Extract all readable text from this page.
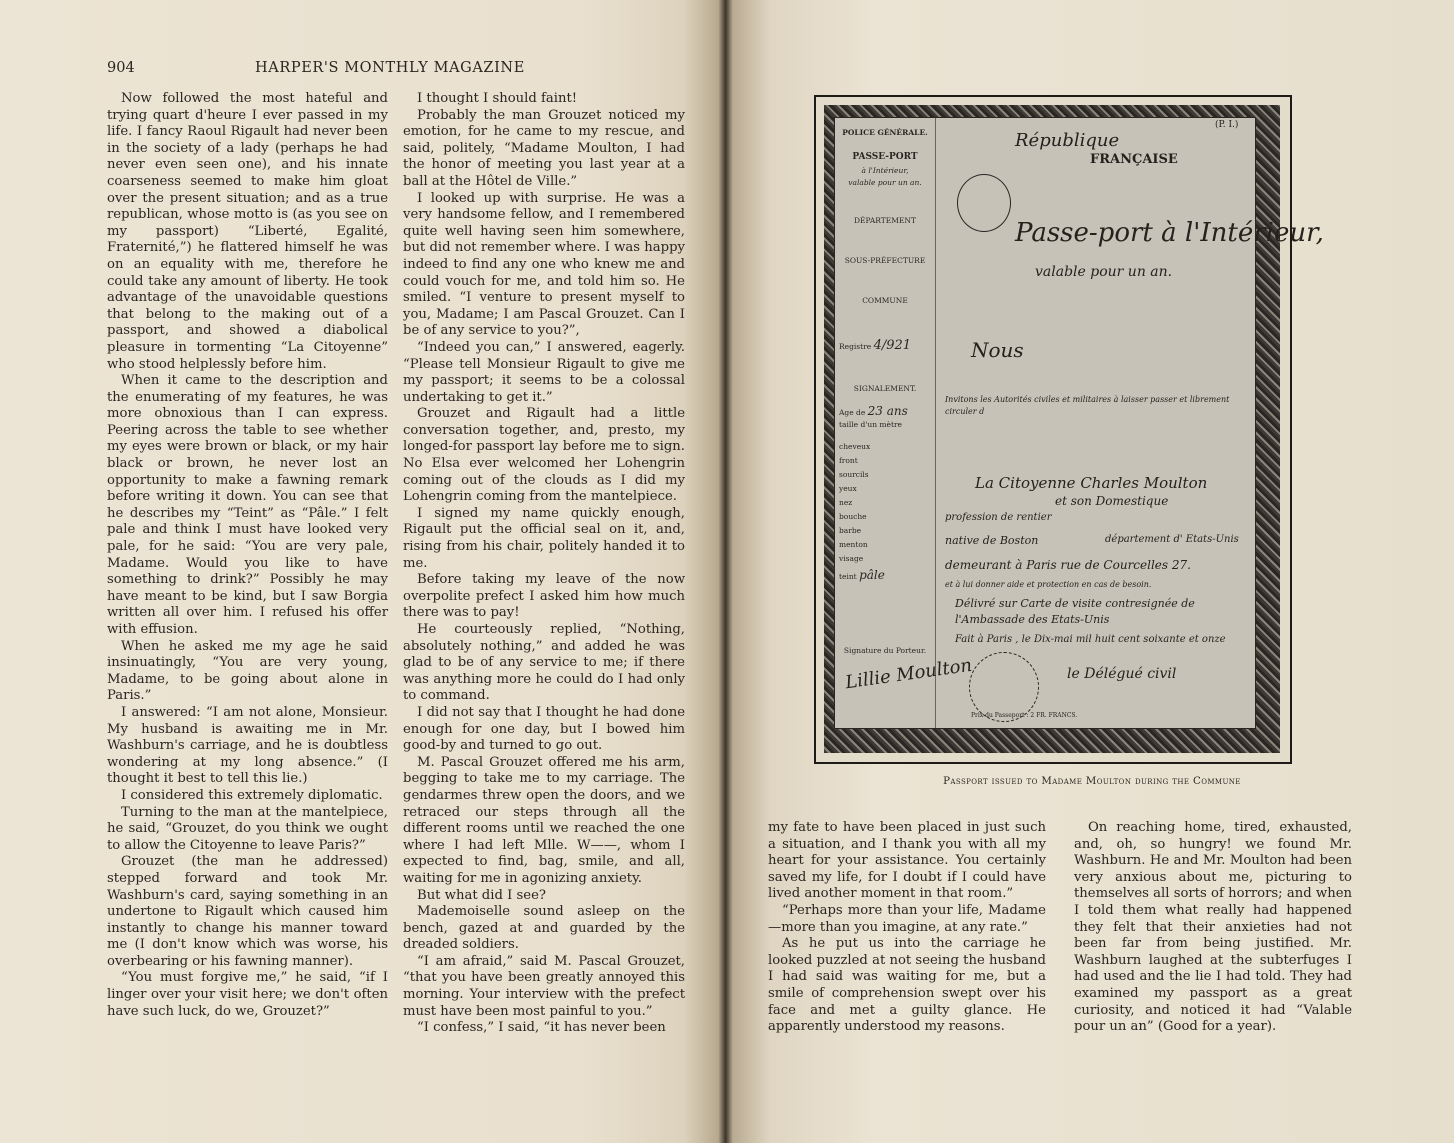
904	HARPER'S MONTHLY MAGAZINE

Now followed the most hateful and trying quart d'heure I ever passed in my life. I fancy Raoul Rigault had never been in the society of a lady (perhaps he had never even seen one), and his innate coarseness seemed to make him gloat over the present situation; and as a true republican, whose motto is (as you see on my passport) “Liberté, Egalité, Fraternité,”) he flattered himself he was on an equality with me, therefore he could take any amount of liberty. He took advantage of the unavoidable questions that belong to the making out of a passport, and showed a diabolical pleasure in tormenting “La Citoyenne” who stood helplessly before him.

When it came to the description and the enumerating of my features, he was more obnoxious than I can express. Peering across the table to see whether my eyes were brown or black, or my hair black or brown, he never lost an opportunity to make a fawning remark before writing it down. You can see that he describes my “Teint” as “Pâle.” I felt pale and think I must have looked very pale, for he said: “You are very pale, Madame. Would you like to have something to drink?” Possibly he may have meant to be kind, but I saw Borgia written all over him. I refused his offer with effusion.

When he asked me my age he said insinuatingly, “You are very young, Madame, to be going about alone in Paris.”

I answered: “I am not alone, Monsieur. My husband is awaiting me in Mr. Washburn's carriage, and he is doubtless wondering at my long absence.” (I thought it best to tell this lie.)

I considered this extremely diplomatic.

Turning to the man at the mantelpiece, he said, “Grouzet, do you think we ought to allow the Citoyenne to leave Paris?”

Grouzet (the man he addressed) stepped forward and took Mr. Washburn's card, saying something in an undertone to Rigault which caused him instantly to change his manner toward me (I don't know which was worse, his overbearing or his fawning manner).

“You must forgive me,” he said, “if I linger over your visit here; we don't often have such luck, do we, Grouzet?”

I thought I should faint!

Probably the man Grouzet noticed my emotion, for he came to my rescue, and said, politely, “Madame Moulton, I had the honor of meeting you last year at a ball at the Hôtel de Ville.”

I looked up with surprise. He was a very handsome fellow, and I remembered quite well having seen him somewhere, but did not remember where. I was happy indeed to find any one who knew me and could vouch for me, and told him so. He smiled. “I venture to present myself to you, Madame; I am Pascal Grouzet. Can I be of any service to you?”,

“Indeed you can,” I answered, eagerly. “Please tell Monsieur Rigault to give me my passport; it seems to be a colossal undertaking to get it.”

Grouzet and Rigault had a little conversation together, and, presto, my longed-for passport lay before me to sign. No Elsa ever welcomed her Lohengrin coming out of the clouds as I did my Lohengrin coming from the mantelpiece.

I signed my name quickly enough, Rigault put the official seal on it, and, rising from his chair, politely handed it to me.

Before taking my leave of the now overpolite prefect I asked him how much there was to pay!

He courteously replied, “Nothing, absolutely nothing,” and added he was glad to be of any service to me; if there was anything more he could do I had only to command.

I did not say that I thought he had done enough for one day, but I bowed him good-by and turned to go out.

M. Pascal Grouzet offered me his arm, begging to take me to my carriage. The gendarmes threw open the doors, and we retraced our steps through all the different rooms until we reached the one where I had left Mlle. W——, whom I expected to find, bag, smile, and all, waiting for me in agonizing anxiety.

But what did I see?

Mademoiselle sound asleep on the bench, gazed at and guarded by the dreaded soldiers.

“I am afraid,” said M. Pascal Grouzet, “that you have been greatly annoyed this morning. Your interview with the prefect must have been most painful to you.”

“I confess,” I said, “it has never been

POLICE GÉNÉRALE.
PASSE-PORT
à l'Intérieur,
valable pour un an.
DÉPARTEMENT
SOUS-PRÉFECTURE
COMMUNE
Registre 4/921
SIGNALEMENT.
Age de 23 ans
taille d'un mètre
cheveux
front
sourcils
yeux
nez
bouche
barbe
menton
visage
teint pâle
Signature du Porteur.
Lillie Moulton
(P. I.)
République
FRANÇAISE
Passe-port à l'Intérieur,
valable pour un an.
Nous
Invitons les Autorités civiles et militaires à laisser passer et librement circuler d
La Citoyenne Charles Moulton
et son Domestique
profession de rentier
native de Boston	département d' Etats-Unis
demeurant à Paris rue de Courcelles 27.
et à lui donner aide et protection en cas de besoin.
Délivré sur Carte de visite contresignée de l'Ambassade des Etats-Unis
Fait à Paris , le Dix-mai mil huit cent soixante et onze
le Délégué civil
Prix du Passeport : 2 FR. FRANCS.
Passport issued to Madame Moulton during the Commune

my fate to have been placed in just such a situation, and I thank you with all my heart for your assistance. You certainly saved my life, for I doubt if I could have lived another moment in that room.”

“Perhaps more than your life, Madame —more than you imagine, at any rate.”

As he put us into the carriage he looked puzzled at not seeing the husband I had said was waiting for me, but a smile of comprehension swept over his face and met a guilty glance. He apparently understood my reasons.

On reaching home, tired, exhausted, and, oh, so hungry! we found Mr. Washburn. He and Mr. Moulton had been very anxious about me, picturing to themselves all sorts of horrors; and when I told them what really had happened they felt that their anxieties had not been far from being justified. Mr. Washburn laughed at the subterfuges I had used and the lie I had told. They had examined my passport as a great curiosity, and noticed it had “Valable pour un an” (Good for a year).
